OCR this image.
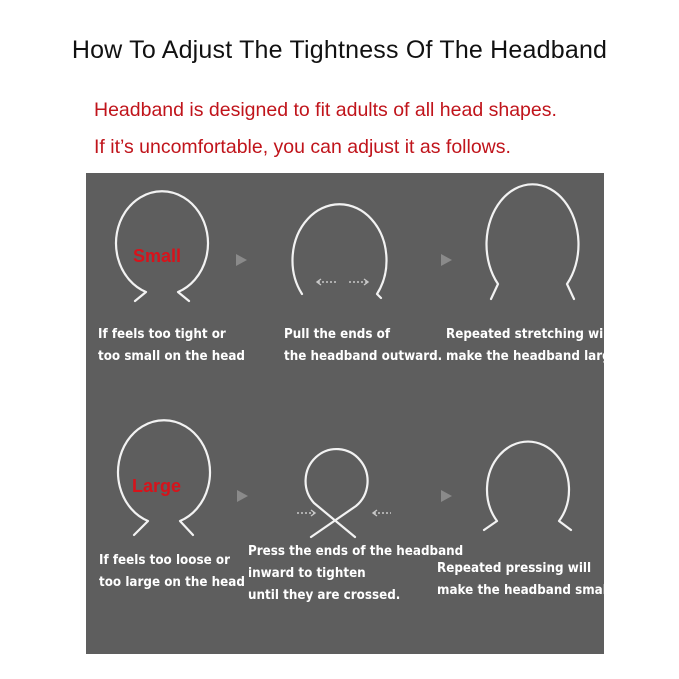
How To Adjust The Tightness Of The Headband
Headband is designed to fit adults of all head shapes.
If it’s uncomfortable, you can adjust it as follows.
Small
Large
If feels too tight or
too small on the head
Pull the ends of
the headband outward.
Repeated stretching will
make the headband larger.
If feels too loose or
too large on the head
Press the ends of the headband
inward to tighten
until they are crossed.
Repeated pressing will
make the headband smaller.
